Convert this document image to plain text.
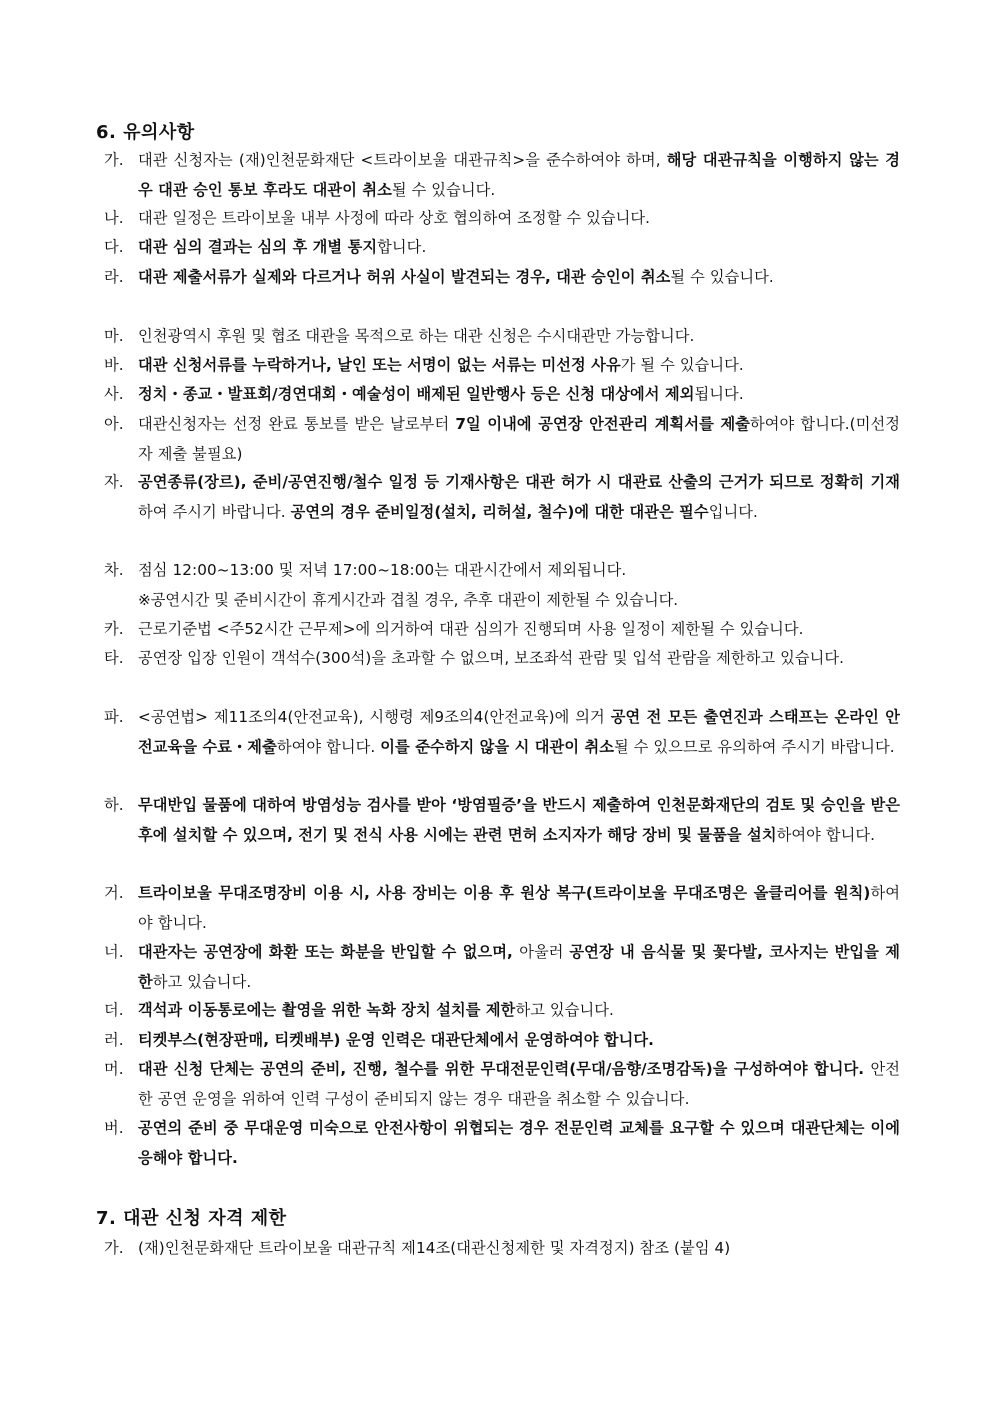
6. 유의사항
가. 대관 신청자는 (재)인천문화재단 <트라이보울 대관규칙>을 준수하여야 하며, 해당 대관규칙을 이행하지 않는 경우 대관 승인 통보 후라도 대관이 취소될 수 있습니다.
나. 대관 일정은 트라이보울 내부 사정에 따라 상호 협의하여 조정할 수 있습니다.
다. 대관 심의 결과는 심의 후 개별 통지합니다.
라. 대관 제출서류가 실제와 다르거나 허위 사실이 발견되는 경우, 대관 승인이 취소될 수 있습니다.
마. 인천광역시 후원 및 협조 대관을 목적으로 하는 대관 신청은 수시대관만 가능합니다.
바. 대관 신청서류를 누락하거나, 날인 또는 서명이 없는 서류는 미선정 사유가 될 수 있습니다.
사. 정치・종교・발표회/경연대회・예술성이 배제된 일반행사 등은 신청 대상에서 제외됩니다.
아. 대관신청자는 선정 완료 통보를 받은 날로부터 7일 이내에 공연장 안전관리 계획서를 제출하여야 합니다.(미선정자 제출 불필요)
자. 공연종류(장르), 준비/공연진행/철수 일정 등 기재사항은 대관 허가 시 대관료 산출의 근거가 되므로 정확히 기재하여 주시기 바랍니다. 공연의 경우 준비일정(설치, 리허설, 철수)에 대한 대관은 필수입니다.
차. 점심 12:00~13:00 및 저녁 17:00~18:00는 대관시간에서 제외됩니다.
※공연시간 및 준비시간이 휴게시간과 겹칠 경우, 추후 대관이 제한될 수 있습니다.
카. 근로기준법 <주52시간 근무제>에 의거하여 대관 심의가 진행되며 사용 일정이 제한될 수 있습니다.
타. 공연장 입장 인원이 객석수(300석)을 초과할 수 없으며, 보조좌석 관람 및 입석 관람을 제한하고 있습니다.
파. <공연법> 제11조의4(안전교육), 시행령 제9조의4(안전교육)에 의거 공연 전 모든 출연진과 스태프는 온라인 안전교육을 수료・제출하여야 합니다. 이를 준수하지 않을 시 대관이 취소될 수 있으므로 유의하여 주시기 바랍니다.
하. 무대반입 물품에 대하여 방염성능 검사를 받아 ‘방염필증’을 반드시 제출하여 인천문화재단의 검토 및 승인을 받은 후에 설치할 수 있으며, 전기 및 전식 사용 시에는 관련 면허 소지자가 해당 장비 및 물품을 설치하여야 합니다.
거. 트라이보울 무대조명장비 이용 시, 사용 장비는 이용 후 원상 복구(트라이보울 무대조명은 올클리어를 원칙)하여야 합니다.
너. 대관자는 공연장에 화환 또는 화분을 반입할 수 없으며, 아울러 공연장 내 음식물 및 꽃다발, 코사지는 반입을 제한하고 있습니다.
더. 객석과 이동통로에는 촬영을 위한 녹화 장치 설치를 제한하고 있습니다.
러. 티켓부스(현장판매, 티켓배부) 운영 인력은 대관단체에서 운영하여야 합니다.
머. 대관 신청 단체는 공연의 준비, 진행, 철수를 위한 무대전문인력(무대/음향/조명감독)을 구성하여야 합니다. 안전한 공연 운영을 위하여 인력 구성이 준비되지 않는 경우 대관을 취소할 수 있습니다.
버. 공연의 준비 중 무대운영 미숙으로 안전사항이 위협되는 경우 전문인력 교체를 요구할 수 있으며 대관단체는 이에 응해야 합니다.
7. 대관 신청 자격 제한
가. (재)인천문화재단 트라이보울 대관규칙 제14조(대관신청제한 및 자격정지) 참조 (붙임 4)
